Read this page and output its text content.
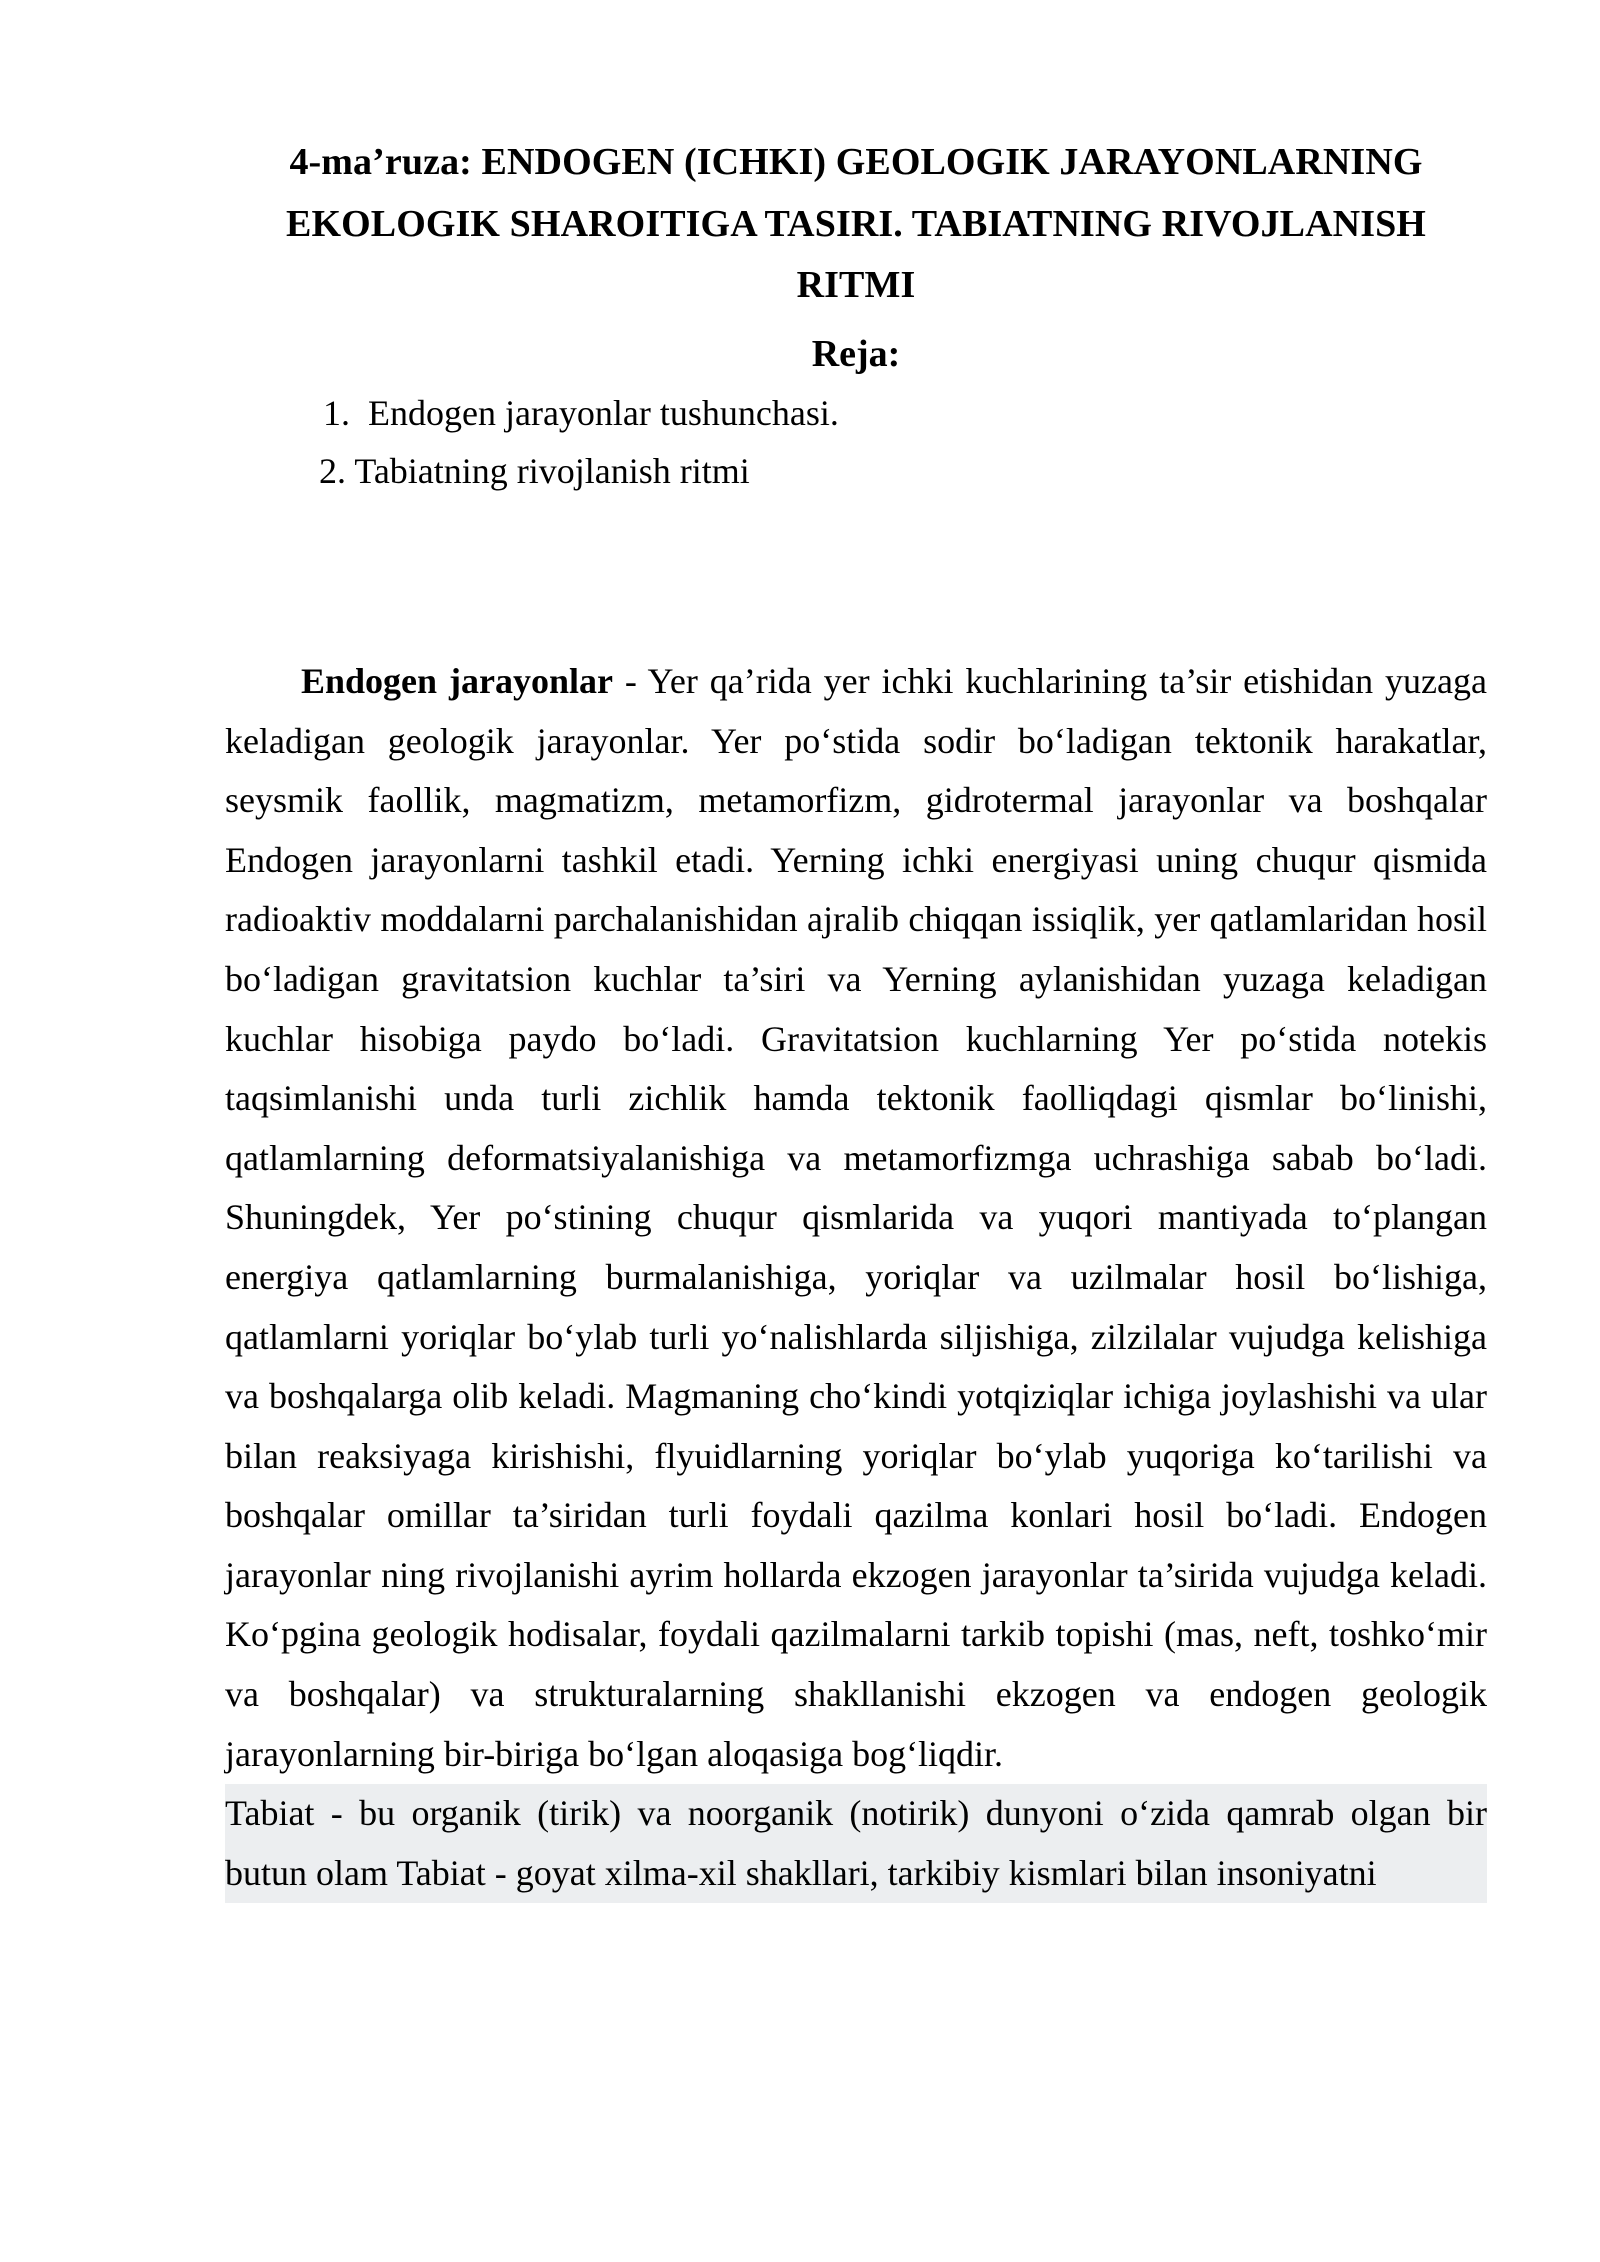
4-ma’ruza: ENDOGEN (ICHKI) GEOLOGIK JARAYONLARNING
EKOLOGIK SHAROITIGA TASIRI. TABIATNING RIVOJLANISH
RITMI
Reja:
1.  Endogen jarayonlar tushunchasi.
2. Tabiatning rivojlanish ritmi

Endogen jarayonlar - Yer qa’rida yer ichki kuchlarining ta’sir etishidan yuzaga keladigan geologik jarayonlar. Yer po‘stida sodir bo‘ladigan tektonik harakatlar, seysmik faollik, magmatizm, metamorfizm, gidrotermal jarayonlar va boshqalar Endogen jarayonlarni tashkil etadi. Yerning ichki energiyasi uning chuqur qismida radioaktiv moddalarni parchalanishidan ajralib chiqqan issiqlik, yer qatlamlaridan hosil bo‘ladigan gravitatsion kuchlar ta’siri va Yerning aylanishidan yuzaga keladigan kuchlar hisobiga paydo bo‘ladi. Gravitatsion kuchlarning Yer po‘stida notekis taqsimlanishi unda turli zichlik hamda tektonik faolliqdagi qismlar bo‘linishi, qatlamlarning deformatsiyalanishiga va metamorfizmga uchrashiga sabab bo‘ladi. Shuningdek, Yer po‘stining chuqur qismlarida va yuqori mantiyada to‘plangan energiya qatlamlarning burmalanishiga, yoriqlar va uzilmalar hosil bo‘lishiga, qatlamlarni yoriqlar bo‘ylab turli yo‘nalishlarda siljishiga, zilzilalar vujudga kelishiga va boshqalarga olib keladi. Magmaning cho‘kindi yotqiziqlar ichiga joylashishi va ular bilan reaksiyaga kirishishi, flyuidlarning yoriqlar bo‘ylab yuqoriga ko‘tarilishi va boshqalar omillar ta’siridan turli foydali qazilma konlari hosil bo‘ladi. Endogen jarayonlar ning rivojlanishi ayrim hollarda ekzogen jarayonlar ta’sirida vujudga keladi. Ko‘pgina geologik hodisalar, foydali qazilmalarni tarkib topishi (mas, neft, toshko‘mir va boshqalar) va strukturalarning shakllanishi ekzogen va endogen geologik jarayonlarning bir-biriga bo‘lgan aloqasiga bog‘liqdir.

Tabiat - bu organik (tirik) va noorganik (notirik) dunyoni o‘zida qamrab olgan bir butun olam Tabiat - goyat xilma-xil shakllari, tarkibiy kismlari bilan insoniyatni
